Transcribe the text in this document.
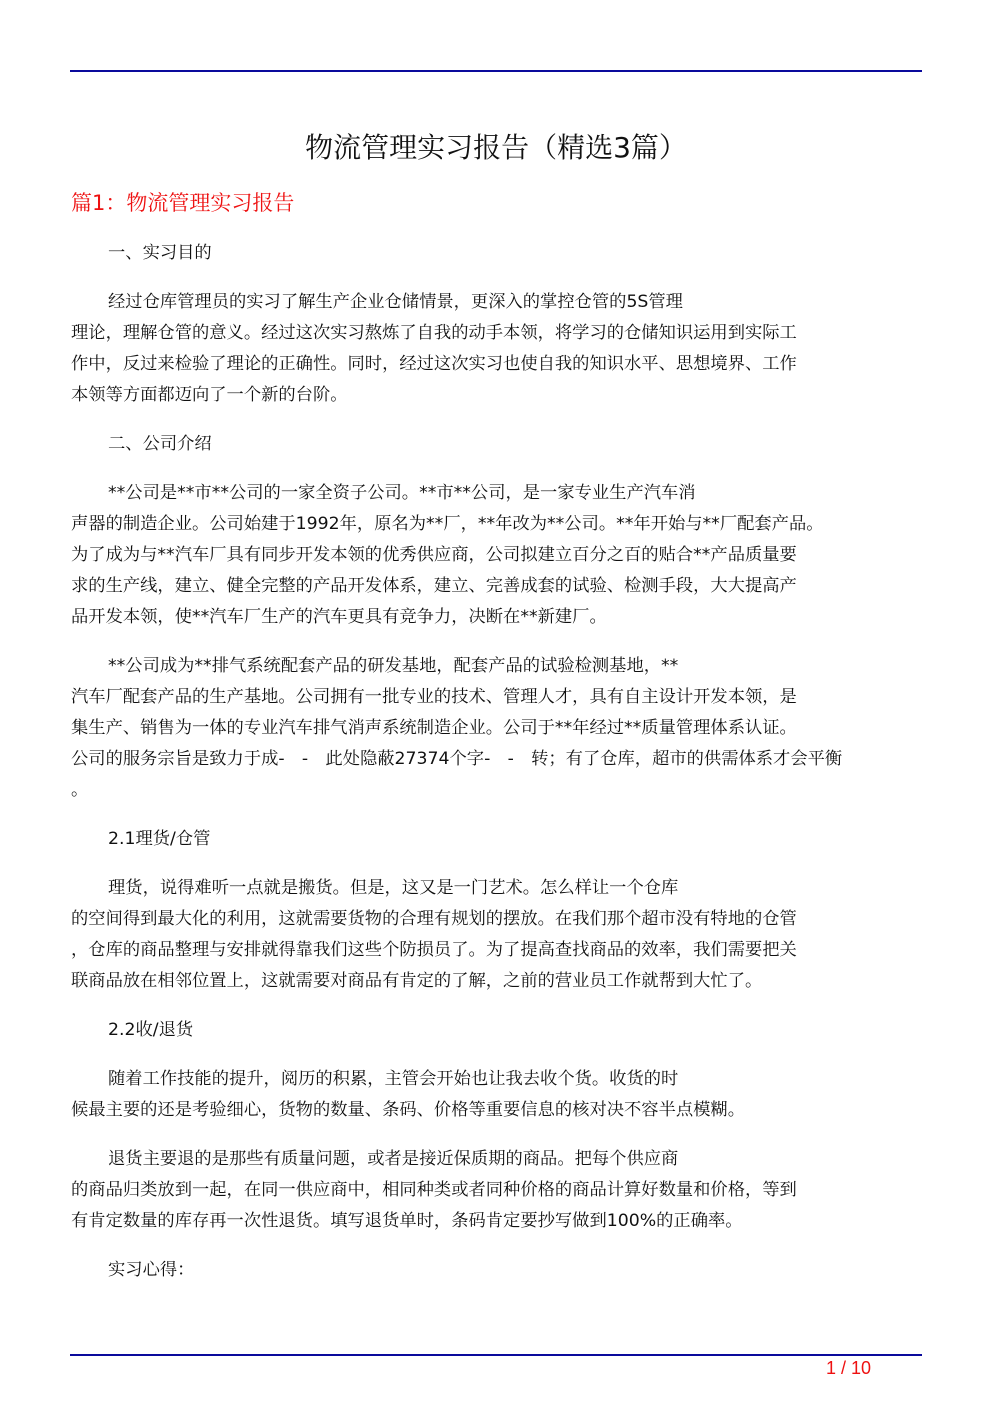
物流管理实习报告（精选3篇）
篇1：物流管理实习报告
一、实习目的
经过仓库管理员的实习了解生产企业仓储情景，更深入的掌控仓管的5S管理
理论，理解仓管的意义。经过这次实习熬炼了自我的动手本领，将学习的仓储知识运用到实际工
作中，反过来检验了理论的正确性。同时，经过这次实习也使自我的知识水平、思想境界、工作
本领等方面都迈向了一个新的台阶。
二、公司介绍
**公司是**市**公司的一家全资子公司。**市**公司，是一家专业生产汽车消
声器的制造企业。公司始建于1992年，原名为**厂，**年改为**公司。**年开始与**厂配套产品。
为了成为与**汽车厂具有同步开发本领的优秀供应商，公司拟建立百分之百的贴合**产品质量要
求的生产线，建立、健全完整的产品开发体系，建立、完善成套的试验、检测手段，大大提高产
品开发本领，使**汽车厂生产的汽车更具有竞争力，决断在**新建厂。
**公司成为**排气系统配套产品的研发基地，配套产品的试验检测基地，**
汽车厂配套产品的生产基地。公司拥有一批专业的技术、管理人才，具有自主设计开发本领，是
集生产、销售为一体的专业汽车排气消声系统制造企业。公司于**年经过**质量管理体系认证。
公司的服务宗旨是致力于成-　-　此处隐蔽27374个字-　-　转；有了仓库，超市的供需体系才会平衡
。
2.1理货/仓管
理货，说得难听一点就是搬货。但是，这又是一门艺术。怎么样让一个仓库
的空间得到最大化的利用，这就需要货物的合理有规划的摆放。在我们那个超市没有特地的仓管
，仓库的商品整理与安排就得靠我们这些个防损员了。为了提高查找商品的效率，我们需要把关
联商品放在相邻位置上，这就需要对商品有肯定的了解，之前的营业员工作就帮到大忙了。
2.2收/退货
随着工作技能的提升，阅历的积累，主管会开始也让我去收个货。收货的时
候最主要的还是考验细心，货物的数量、条码、价格等重要信息的核对决不容半点模糊。
退货主要退的是那些有质量问题，或者是接近保质期的商品。把每个供应商
的商品归类放到一起，在同一供应商中，相同种类或者同种价格的商品计算好数量和价格，等到
有肯定数量的库存再一次性退货。填写退货单时，条码肯定要抄写做到100%的正确率。
实习心得：
1 / 10
